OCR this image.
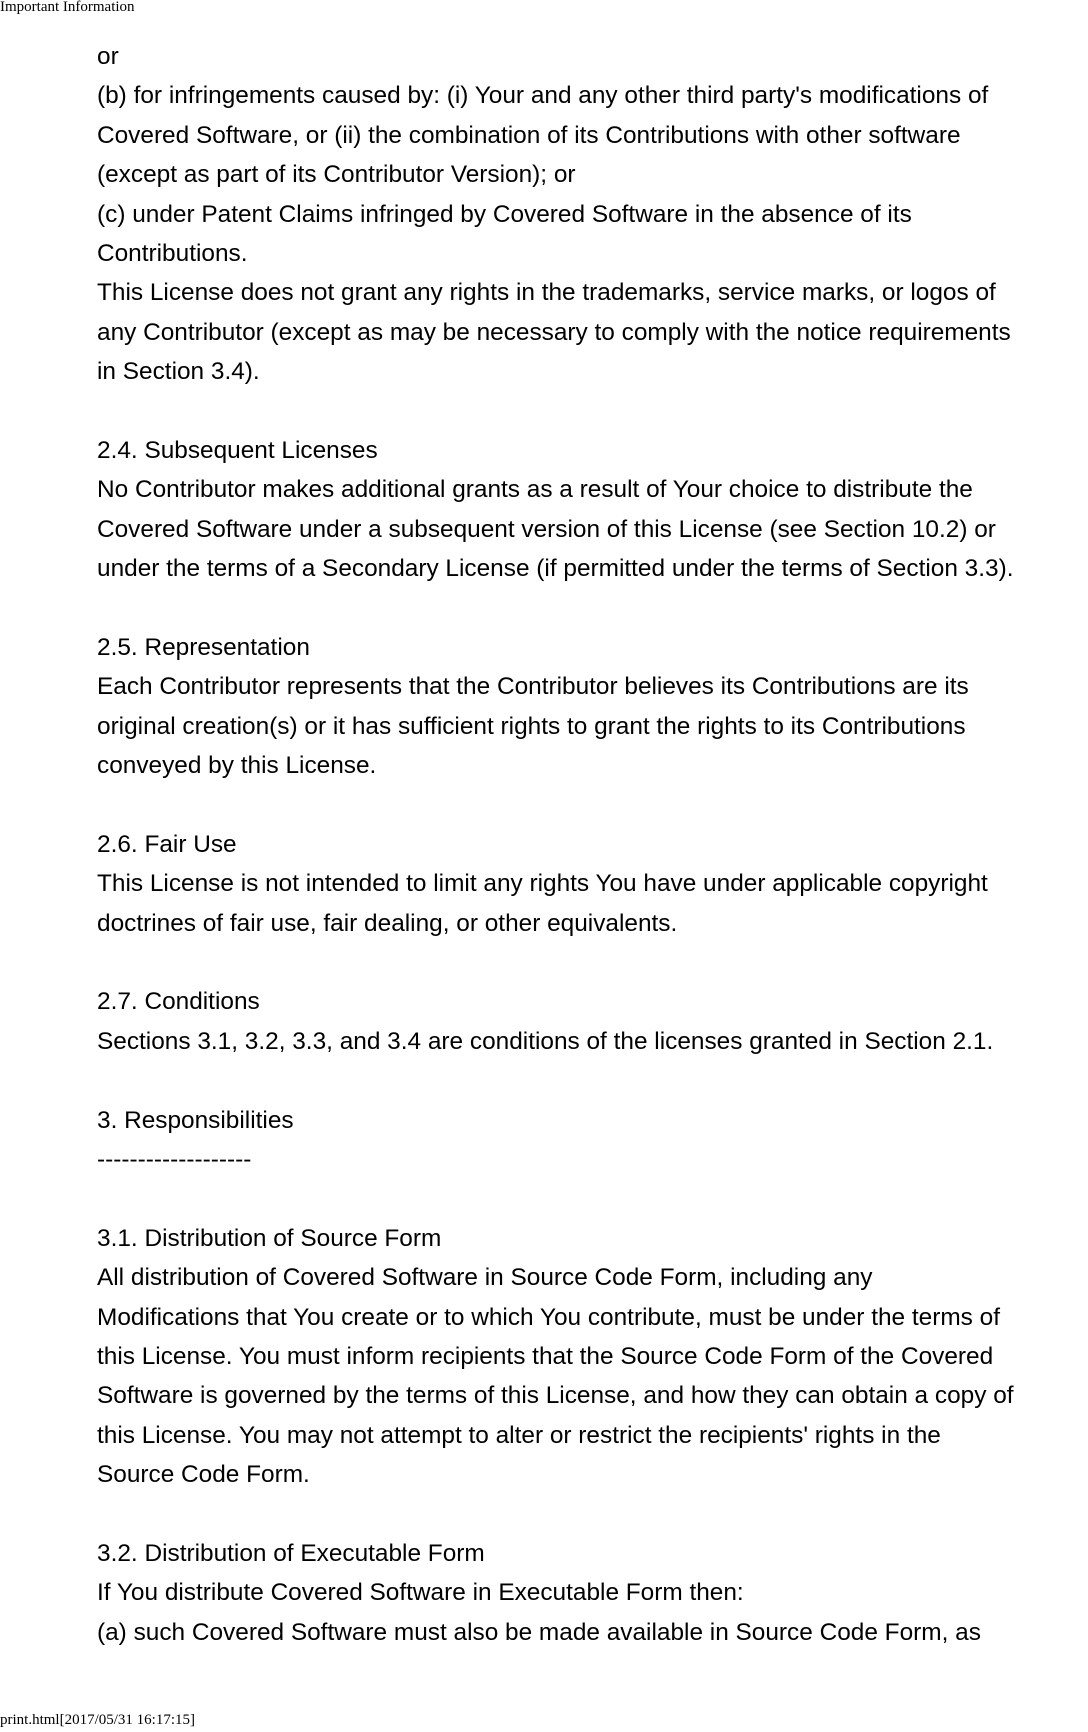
Important Information
or
(b) for infringements caused by: (i) Your and any other third party's modifications of
Covered Software, or (ii) the combination of its Contributions with other software
(except as part of its Contributor Version); or
(c) under Patent Claims infringed by Covered Software in the absence of its
Contributions.
This License does not grant any rights in the trademarks, service marks, or logos of
any Contributor (except as may be necessary to comply with the notice requirements
in Section 3.4).
2.4. Subsequent Licenses
No Contributor makes additional grants as a result of Your choice to distribute the
Covered Software under a subsequent version of this License (see Section 10.2) or
under the terms of a Secondary License (if permitted under the terms of Section 3.3).
2.5. Representation
Each Contributor represents that the Contributor believes its Contributions are its
original creation(s) or it has sufficient rights to grant the rights to its Contributions
conveyed by this License.
2.6. Fair Use
This License is not intended to limit any rights You have under applicable copyright
doctrines of fair use, fair dealing, or other equivalents.
2.7. Conditions
Sections 3.1, 3.2, 3.3, and 3.4 are conditions of the licenses granted in Section 2.1.
3. Responsibilities
-------------------
3.1. Distribution of Source Form
All distribution of Covered Software in Source Code Form, including any
Modifications that You create or to which You contribute, must be under the terms of
this License. You must inform recipients that the Source Code Form of the Covered
Software is governed by the terms of this License, and how they can obtain a copy of
this License. You may not attempt to alter or restrict the recipients' rights in the
Source Code Form.
3.2. Distribution of Executable Form
If You distribute Covered Software in Executable Form then:
(a) such Covered Software must also be made available in Source Code Form, as
print.html[2017/05/31 16:17:15]
